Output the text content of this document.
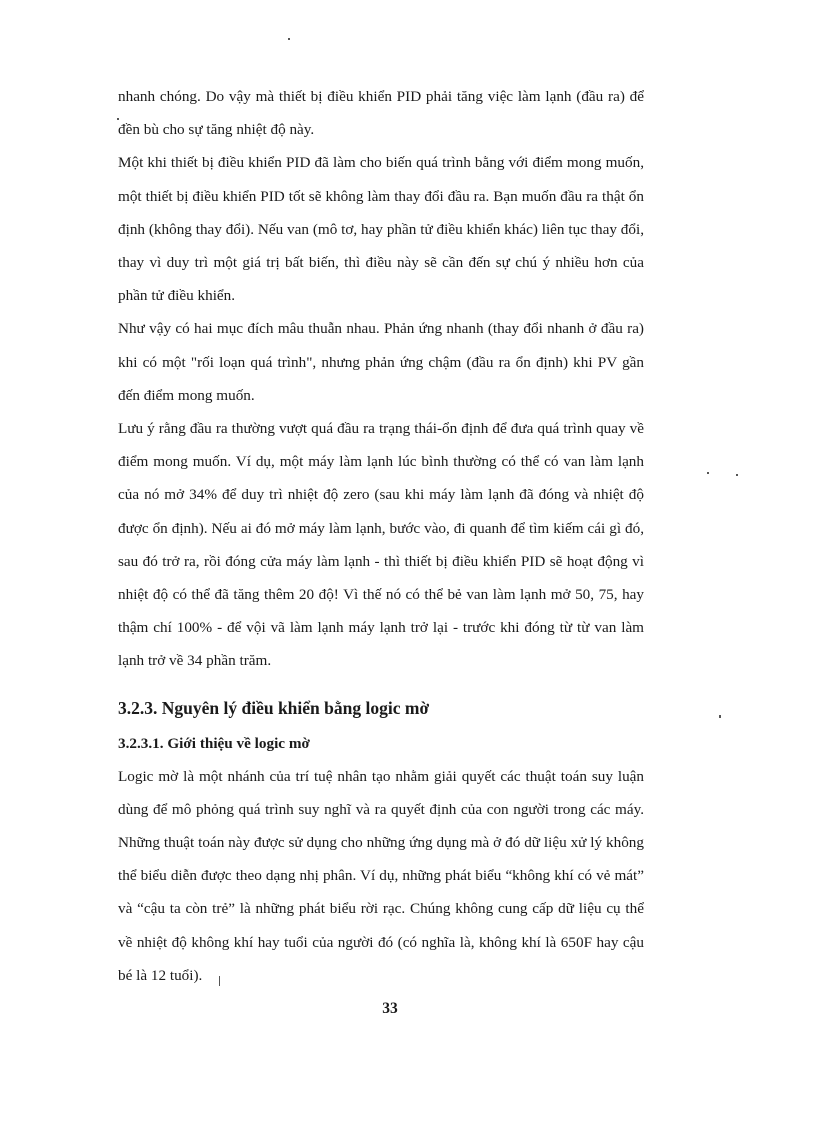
nhanh chóng. Do vậy mà thiết bị điều khiển PID phải tăng việc làm lạnh (đầu ra) để đền bù cho sự tăng nhiệt độ này.

Một khi thiết bị điều khiển PID đã làm cho biến quá trình bằng với điểm mong muốn, một thiết bị điều khiển PID tốt sẽ không làm thay đổi đầu ra. Bạn muốn đầu ra thật ổn định (không thay đổi). Nếu van (mô tơ, hay phần tử điều khiển khác) liên tục thay đổi, thay vì duy trì một giá trị bất biến, thì điều này sẽ cần đến sự chú ý nhiều hơn của phần tử điều khiển.

Như vậy có hai mục đích mâu thuẫn nhau. Phản ứng nhanh (thay đổi nhanh ở đầu ra) khi có một "rối loạn quá trình", nhưng phản ứng chậm (đầu ra ổn định) khi PV gần đến điểm mong muốn.

Lưu ý rằng đầu ra thường vượt quá đầu ra trạng thái-ổn định để đưa quá trình quay về điểm mong muốn. Ví dụ, một máy làm lạnh lúc bình thường có thể có van làm lạnh của nó mở 34% để duy trì nhiệt độ zero (sau khi máy làm lạnh đã đóng và nhiệt độ được ổn định). Nếu ai đó mở máy làm lạnh, bước vào, đi quanh để tìm kiếm cái gì đó, sau đó trở ra, rồi đóng cửa máy làm lạnh - thì thiết bị điều khiển PID sẽ hoạt động vì nhiệt độ có thể đã tăng thêm 20 độ! Vì thế nó có thể bẻ van làm lạnh mở 50, 75, hay thậm chí 100% - để vội vã làm lạnh máy lạnh trở lại - trước khi đóng từ từ van làm lạnh trở về 34 phần trăm.

3.2.3. Nguyên lý điều khiển bằng logic mờ
3.2.3.1. Giới thiệu về logic mờ

Logic mờ là một nhánh của trí tuệ nhân tạo nhằm giải quyết các thuật toán suy luận dùng để mô phỏng quá trình suy nghĩ và ra quyết định của con người trong các máy. Những thuật toán này được sử dụng cho những ứng dụng mà ở đó dữ liệu xử lý không thể biểu diễn được theo dạng nhị phân. Ví dụ, những phát biểu “không khí có vẻ mát” và “cậu ta còn trẻ” là những phát biểu rời rạc. Chúng không cung cấp dữ liệu cụ thể về nhiệt độ không khí hay tuổi của người đó (có nghĩa là, không khí là 650F hay cậu bé là 12 tuổi).

33
